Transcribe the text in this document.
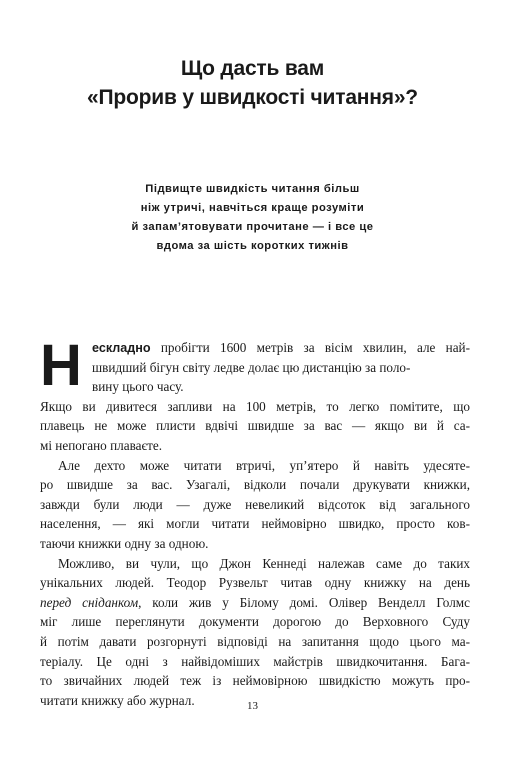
Що дасть вам
«Прорив у швидкості читання»?
Підвищте швидкість читання більш
ніж утричі, навчіться краще розуміти
й запам’ятовувати прочитане — і все це
вдома за шість коротких тижнів
Н ескладно пробігти 1600 метрів за вісім хвилин, але най-
швидший бігун світу ледве долає цю дистанцію за поло-
вину цього часу.
Якщо ви дивитеся запливи на 100 метрів, то легко помітите, що
плавець не може плисти вдвічі швидше за вас — якщо ви й са-
мі непогано плаваєте.
Але дехто може читати втричі, уп’ятеро й навіть удесяте-
ро швидше за вас. Узагалі, відколи почали друкувати книжки,
завжди були люди — дуже невеликий відсоток від загального
населення, — які могли читати неймовірно швидко, просто ков-
таючи книжки одну за одною.
Можливо, ви чули, що Джон Кеннеді належав саме до таких
унікальних людей. Теодор Рузвельт читав одну книжку на день
перед сніданком, коли жив у Білому домі. Олівер Венделл Голмс
міг лише переглянути документи дорогою до Верховного Суду
й потім давати розгорнуті відповіді на запитання щодо цього ма-
теріалу. Це одні з найвідоміших майстрів швидкочитання. Бага-
то звичайних людей теж із неймовірною швидкістю можуть про-
читати книжку або журнал.	13
